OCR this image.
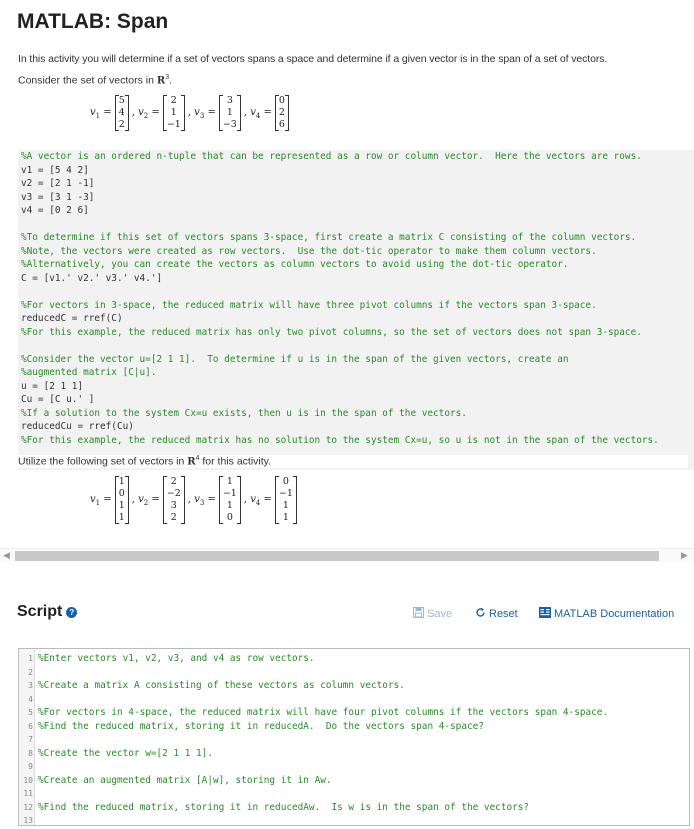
MATLAB: Span
In this activity you will determine if a set of vectors spans a space and determine if a given vector is in the span of a set of vectors.
Consider the set of vectors in $R^3$.
$v_1$ =
5
4
2
, $v_2$ =
2
1
−1
, $v_3$ =
3
1
−3
, $v_4$ =
0
2
6
%A vector is an ordered n-tuple that can be represented as a row or column vector.  Here the vectors are rows.
v1 = [5 4 2]
v2 = [2 1 -1]
v3 = [3 1 -3]
v4 = [0 2 6]

%To determine if this set of vectors spans 3-space, first create a matrix C consisting of the column vectors.
%Note, the vectors were created as row vectors.  Use the dot-tic operator to make them column vectors.
%Alternatively, you can create the vectors as column vectors to avoid using the dot-tic operator.
C = [v1.' v2.' v3.' v4.']

%For vectors in 3-space, the reduced matrix will have three pivot columns if the vectors span 3-space.
reducedC = rref(C)
%For this example, the reduced matrix has only two pivot columns, so the set of vectors does not span 3-space.

%Consider the vector u=[2 1 1].  To determine if u is in the span of the given vectors, create an
%augmented matrix [C|u].
u = [2 1 1]
Cu = [C u.' ]
%If a solution to the system Cx=u exists, then u is in the span of the vectors.
reducedCu = rref(Cu)
%For this example, the reduced matrix has no solution to the system Cx=u, so u is not in the span of the vectors.

Utilize the following set of vectors in $R^4$ for this activity.
$v_1$ =
1
0
1
1
, $v_2$ =
2
−2
3
2
, $v_3$ =
1
−1
1
0
, $v_4$ =
0
−1
1
1
◀	▶
Script ?	Save	Reset	MATLAB Documentation
1 %Enter vectors v1, v2, v3, and v4 as row vectors.
2
3 %Create a matrix A consisting of these vectors as column vectors.
4
5 %For vectors in 4-space, the reduced matrix will have four pivot columns if the vectors span 4-space.
6 %Find the reduced matrix, storing it in reducedA.  Do the vectors span 4-space?
7
8 %Create the vector w=[2 1 1 1].
9
10 %Create an augmented matrix [A|w], storing it in Aw.
11
12 %Find the reduced matrix, storing it in reducedAw.  Is w is in the span of the vectors?
13
